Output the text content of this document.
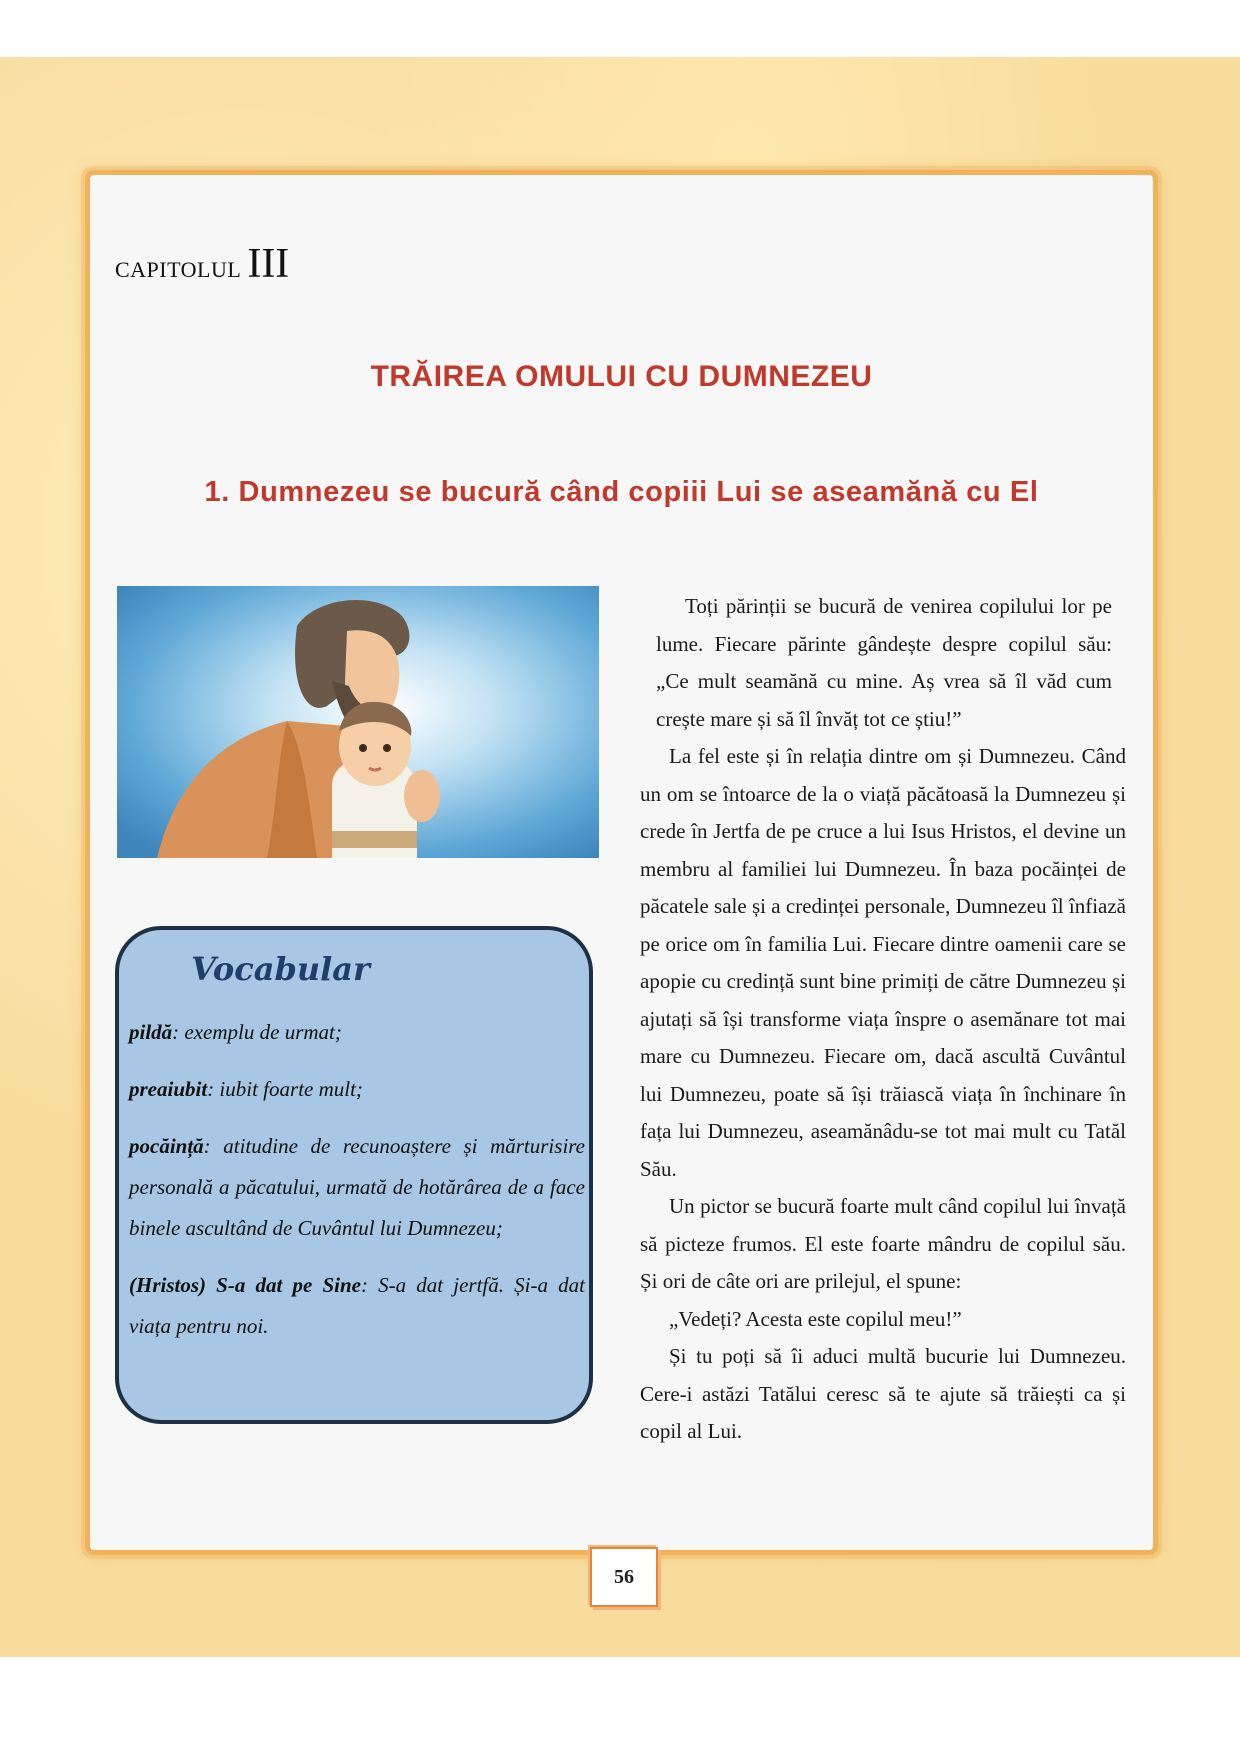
CAPITOLUL III
TRĂIREA OMULUI CU DUMNEZEU
1. Dumnezeu se bucură când copiii Lui se aseamănă cu El
Vocabular

pildă: exemplu de urmat;

preaiubit: iubit foarte mult;

pocăință: atitudine de recunoaștere și mărturisire personală a păcatului, urmată de hotărârea de a face binele ascultând de Cuvântul lui Dumnezeu;

(Hristos) S-a dat pe Sine: S-a dat jertfă. Și-a dat viața pentru noi.

Toți părinții se bucură de venirea copilului lor pe lume. Fiecare părinte gândește despre copilul său: „Ce mult seamănă cu mine. Aș vrea să îl văd cum crește mare și să îl învăț tot ce știu!”

La fel este și în relația dintre om și Dumnezeu. Când un om se întoarce de la o viață păcătoasă la Dumnezeu și crede în Jertfa de pe cruce a lui Isus Hristos, el devine un membru al familiei lui Dumnezeu. În baza pocăinței de păcatele sale și a credinței personale, Dumnezeu îl înfiază pe orice om în familia Lui. Fiecare dintre oamenii care se apopie cu credință sunt bine primiți de către Dumnezeu și ajutați să își transforme viața înspre o asemănare tot mai mare cu Dumnezeu. Fiecare om, dacă ascultă Cuvântul lui Dumnezeu, poate să își trăiască viața în închinare în fața lui Dumnezeu, aseamănâdu-se tot mai mult cu Tatăl Său.

Un pictor se bucură foarte mult când copilul lui învață să picteze frumos. El este foarte mândru de copilul său. Și ori de câte ori are prilejul, el spune:

„Vedeți? Acesta este copilul meu!”

Și tu poți să îi aduci multă bucurie lui Dumnezeu. Cere-i astăzi Tatălui ceresc să te ajute să trăiești ca și copil al Lui.

56
